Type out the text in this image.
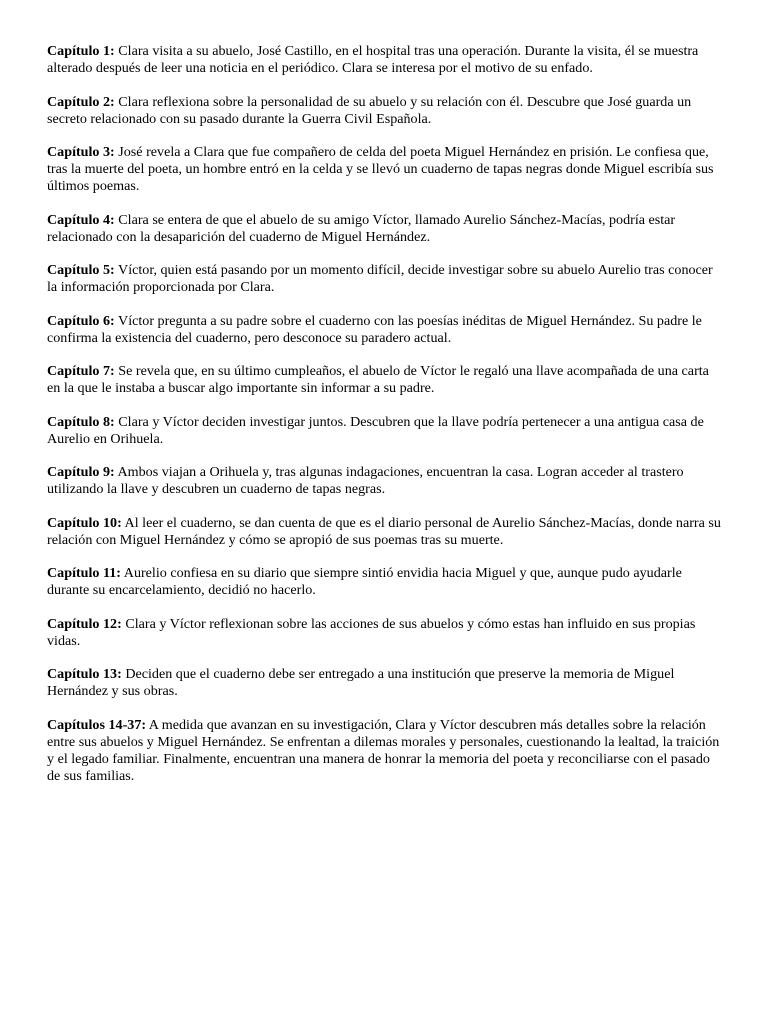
Capítulo 1: Clara visita a su abuelo, José Castillo, en el hospital tras una operación. Durante la visita, él se muestra alterado después de leer una noticia en el periódico. Clara se interesa por el motivo de su enfado.

Capítulo 2: Clara reflexiona sobre la personalidad de su abuelo y su relación con él. Descubre que José guarda un secreto relacionado con su pasado durante la Guerra Civil Española.

Capítulo 3: José revela a Clara que fue compañero de celda del poeta Miguel Hernández en prisión. Le confiesa que, tras la muerte del poeta, un hombre entró en la celda y se llevó un cuaderno de tapas negras donde Miguel escribía sus últimos poemas.

Capítulo 4: Clara se entera de que el abuelo de su amigo Víctor, llamado Aurelio Sánchez-Macías, podría estar relacionado con la desaparición del cuaderno de Miguel Hernández.

Capítulo 5: Víctor, quien está pasando por un momento difícil, decide investigar sobre su abuelo Aurelio tras conocer la información proporcionada por Clara.

Capítulo 6: Víctor pregunta a su padre sobre el cuaderno con las poesías inéditas de Miguel Hernández. Su padre le confirma la existencia del cuaderno, pero desconoce su paradero actual.

Capítulo 7: Se revela que, en su último cumpleaños, el abuelo de Víctor le regaló una llave acompañada de una carta en la que le instaba a buscar algo importante sin informar a su padre.

Capítulo 8: Clara y Víctor deciden investigar juntos. Descubren que la llave podría pertenecer a una antigua casa de Aurelio en Orihuela.

Capítulo 9: Ambos viajan a Orihuela y, tras algunas indagaciones, encuentran la casa. Logran acceder al trastero utilizando la llave y descubren un cuaderno de tapas negras.

Capítulo 10: Al leer el cuaderno, se dan cuenta de que es el diario personal de Aurelio Sánchez-Macías, donde narra su relación con Miguel Hernández y cómo se apropió de sus poemas tras su muerte.

Capítulo 11: Aurelio confiesa en su diario que siempre sintió envidia hacia Miguel y que, aunque pudo ayudarle durante su encarcelamiento, decidió no hacerlo.

Capítulo 12: Clara y Víctor reflexionan sobre las acciones de sus abuelos y cómo estas han influido en sus propias vidas.

Capítulo 13: Deciden que el cuaderno debe ser entregado a una institución que preserve la memoria de Miguel Hernández y sus obras.

Capítulos 14-37: A medida que avanzan en su investigación, Clara y Víctor descubren más detalles sobre la relación entre sus abuelos y Miguel Hernández. Se enfrentan a dilemas morales y personales, cuestionando la lealtad, la traición y el legado familiar. Finalmente, encuentran una manera de honrar la memoria del poeta y reconciliarse con el pasado de sus familias.
